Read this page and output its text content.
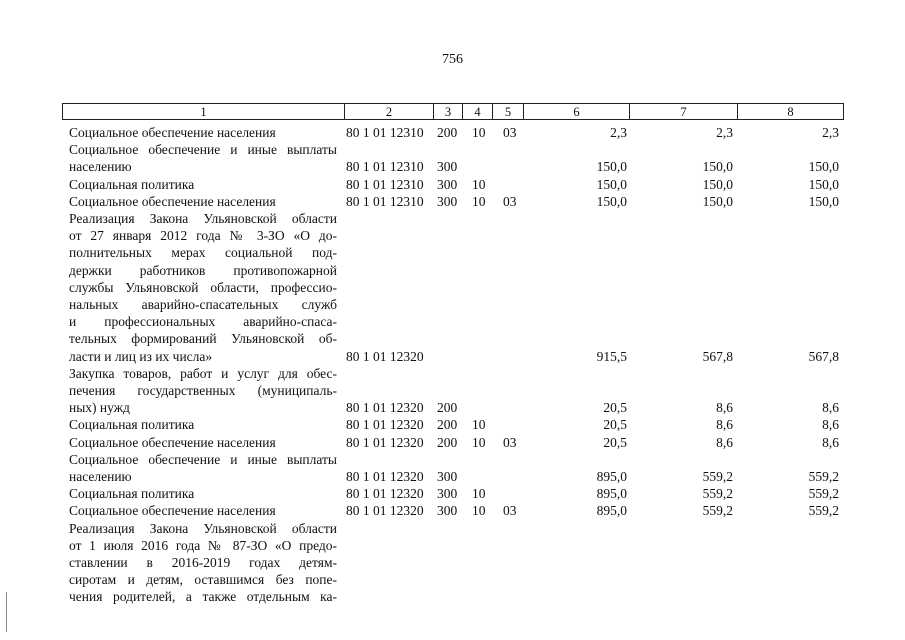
756
1	2	3	4	5	6	7	8
Социальное обеспечение населения	80 1 01 12310 200 10 03	2,3	2,3	2,3
Социальное обеспечение и иные выплаты
населению	80 1 01 12310 300	150,0	150,0	150,0
Социальная политика	80 1 01 12310 300 10	150,0	150,0	150,0
Социальное обеспечение населения	80 1 01 12310 300 10 03	150,0	150,0	150,0
Реализация Закона Ульяновской области
от 27 января 2012 года № 3-ЗО «О до-
полнительных мерах социальной под-
держки работников противопожарной
службы Ульяновской области, профессио-
нальных аварийно-спасательных служб
и профессиональных аварийно-спаса-
тельных формирований Ульяновской об-
ласти и лиц из их числа»	80 1 01 12320	915,5	567,8	567,8
Закупка товаров, работ и услуг для обес-
печения государственных (муниципаль-
ных) нужд	80 1 01 12320 200	20,5	8,6	8,6
Социальная политика	80 1 01 12320 200 10	20,5	8,6	8,6
Социальное обеспечение населения	80 1 01 12320 200 10 03	20,5	8,6	8,6
Социальное обеспечение и иные выплаты
населению	80 1 01 12320 300	895,0	559,2	559,2
Социальная политика	80 1 01 12320 300 10	895,0	559,2	559,2
Социальное обеспечение населения	80 1 01 12320 300 10 03	895,0	559,2	559,2
Реализация Закона Ульяновской области
от 1 июля 2016 года № 87-ЗО «О предо-
ставлении в 2016-2019 годах детям-
сиротам и детям, оставшимся без попе-
чения родителей, а также отдельным ка-
